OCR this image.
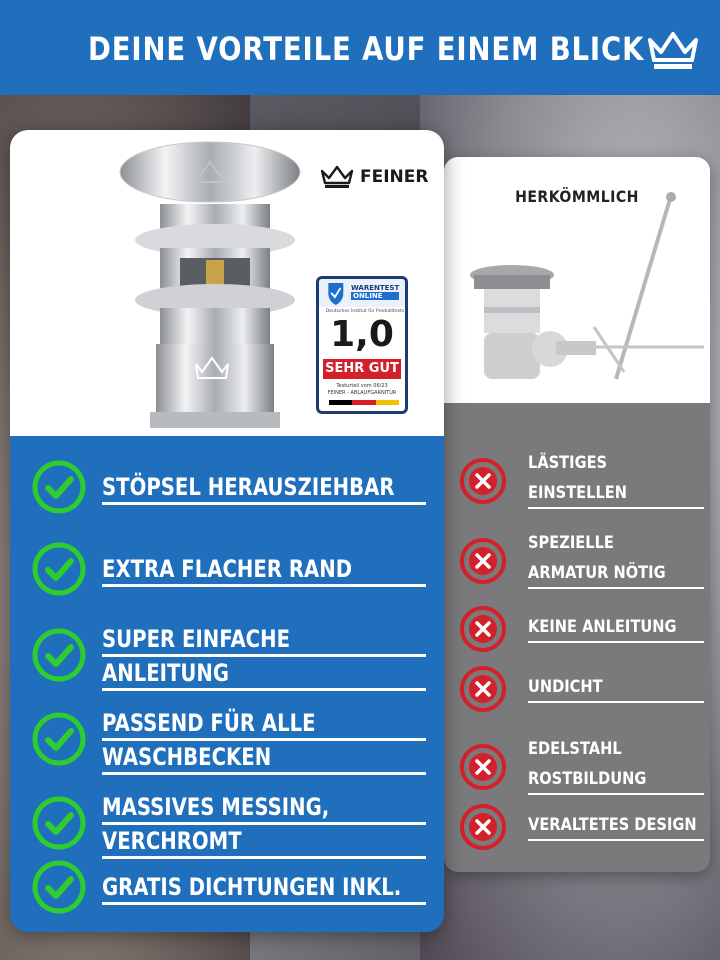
DEINE VORTEILE AUF EINEM BLICK
HERKÖMMLICH
LÄSTIGES
EINSTELLEN
SPEZIELLE
ARMATUR NÖTIG
KEINE ANLEITUNG
UNDICHT
EDELSTAHL
ROSTBILDUNG
VERALTETES DESIGN
FEINER
WARENTEST
ONLINE
Deutsches Institut für Produkttests
1,0
SEHR GUT
Testurteil vom 06/23
FEINER - ABLAUFGARNITUR
STÖPSEL HERAUSZIEHBAR
EXTRA FLACHER RAND
SUPER EINFACHE
ANLEITUNG
PASSEND FÜR ALLE
WASCHBECKEN
MASSIVES MESSING,
VERCHROMT
GRATIS DICHTUNGEN INKL.
